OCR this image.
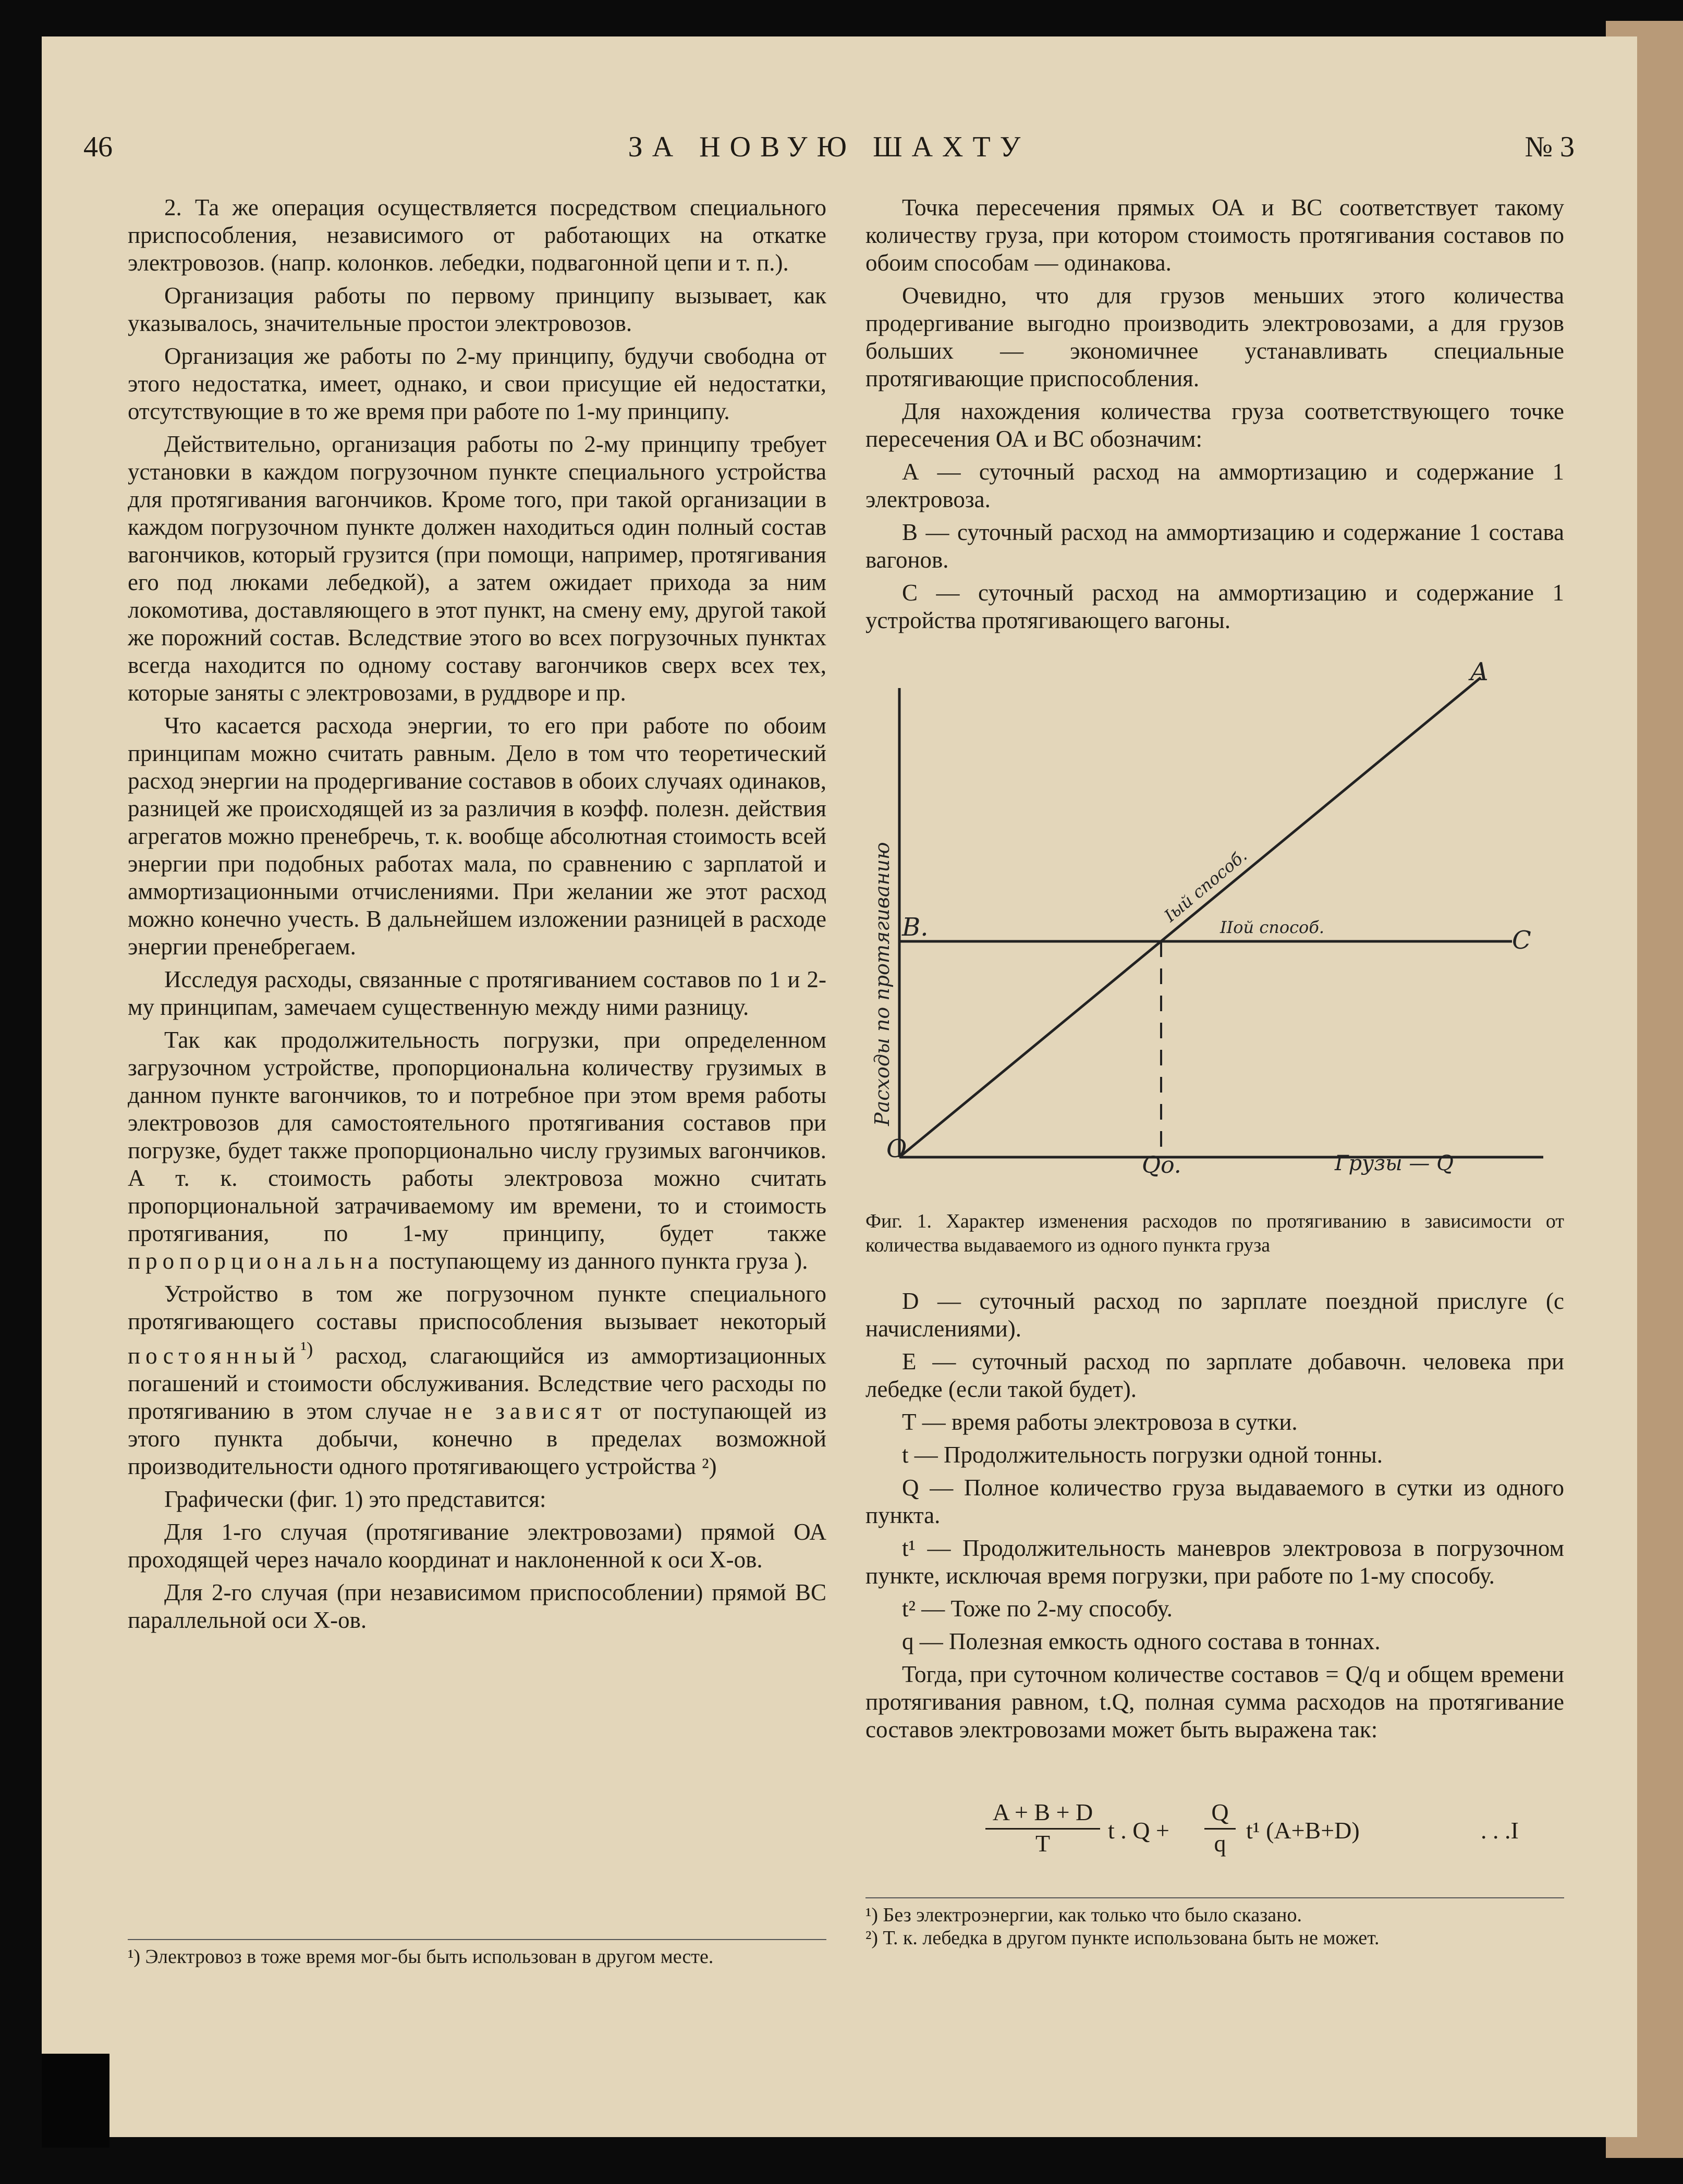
46	ЗА НОВУЮ ШАХТУ	№ 3

2. Та же операция осуществляется посредством специального приспособления, независимого от работающих на откатке электровозов. (напр. колонков. лебедки, подвагонной цепи и т. п.).

Организация работы по первому принципу вызывает, как указывалось, значительные простои электровозов.

Организация же работы по 2-му принципу, будучи свободна от этого недостатка, имеет, однако, и свои присущие ей недостатки, отсутствующие в то же время при работе по 1-му принципу.

Действительно, организация работы по 2-му принципу требует установки в каждом погрузочном пункте специального устройства для протягивания вагончиков. Кроме того, при такой организации в каждом погрузочном пункте должен находиться один полный состав вагончиков, который грузится (при помощи, например, протягивания его под люками лебедкой), а затем ожидает прихода за ним локомотива, доставляющего в этот пункт, на смену ему, другой такой же порожний состав. Вследствие этого во всех погрузочных пунктах всегда находится по одному составу вагончиков сверх всех тех, которые заняты с электровозами, в руддворе и пр.

Что касается расхода энергии, то его при работе по обоим принципам можно считать равным. Дело в том что теоретический расход энергии на продергивание составов в обоих случаях одинаков, разницей же происходящей из за различия в коэфф. полезн. действия агрегатов можно пренебречь, т. к. вообще абсолютная стоимость всей энергии при подобных работах мала, по сравнению с зарплатой и аммортизационными отчислениями. При желании же этот расход можно конечно учесть. В дальнейшем изложении разницей в расходе энергии пренебрегаем.

Исследуя расходы, связанные с протягиванием составов по 1 и 2-му принципам, замечаем существенную между ними разницу.

Так как продолжительность погрузки, при определенном загрузочном устройстве, пропорциональна количеству грузимых в данном пункте вагончиков, то и потребное при этом время работы электровозов для самостоятельного протягивания составов при погрузке, будет также пропорционально числу грузимых вагончиков. А т. к. стоимость работы электровоза можно считать пропорциональной затрачиваемому им времени, то и стоимость протягивания, по 1-му принципу, будет также пропорциональна поступающему из данного пункта груза ).

Устройство в том же погрузочном пункте специального протягивающего составы приспособления вызывает некоторый постоянный$^{^1)}$ расход, слагающийся из аммортизационных погашений и стоимости обслуживания. Вследствие чего расходы по протягиванию в этом случае не зависят от поступающей из этого пункта добычи, конечно в пределах возможной производительности одного протягивающего устройства ²)

Графически (фиг. 1) это представится:

Для 1-го случая (протягивание электровозами) прямой ОА проходящей через начало координат и наклоненной к оси Х-ов.

Для 2-го случая (при независимом приспособлении) прямой ВС параллельной оси Х-ов.

¹) Электровоз в тоже время мог-бы быть использован в другом месте.

Точка пересечения прямых ОА и ВС соответствует такому количеству груза, при котором стоимость протягивания составов по обоим способам — одинакова.

Очевидно, что для грузов меньших этого количества продергивание выгодно производить электровозами, а для грузов больших — экономичнее устанавливать специальные протягивающие приспособления.

Для нахождения количества груза соответствующего точке пересечения ОА и ВС обозначим:

А — суточный расход на аммортизацию и содержание 1 электровоза.

В — суточный расход на аммортизацию и содержание 1 состава вагонов.

С — суточный расход на аммортизацию и содержание 1 устройства протягивающего вагоны.

O
Qo.	Грузы — Q
B.	C
A
IIой способ.
Iый способ.
Расходы по протягиванию
Фиг. 1. Характер изменения расходов по протягиванию в зависимости от количества выдаваемого из одного пункта груза

D — суточный расход по зарплате поездной прислуге (с начислениями).

Е — суточный расход по зарплате добавочн. человека при лебедке (если такой будет).

Т — время работы электровоза в сутки.

t — Продолжительность погрузки одной тонны.

Q — Полное количество груза выдаваемого в сутки из одного пункта.

t¹ — Продолжительность маневров электровоза в погрузочном пункте, исключая время погрузки, при работе по 1-му способу.

t² — Тоже по 2-му способу.

q — Полезная емкость одного состава в тоннах.

Тогда, при суточном количестве составов = Q/q и общем времени протягивания равном, t.Q, полная сумма расходов на протягивание составов электровозами может быть выражена так:

$\frac{A + B + D}{T}$ t . $Q + \frac{Q}{q} t^1$ (A+B+D)	. . .I
¹) Без электроэнергии, как только что было сказано.
²) Т. к. лебедка в другом пункте использована быть не может.
